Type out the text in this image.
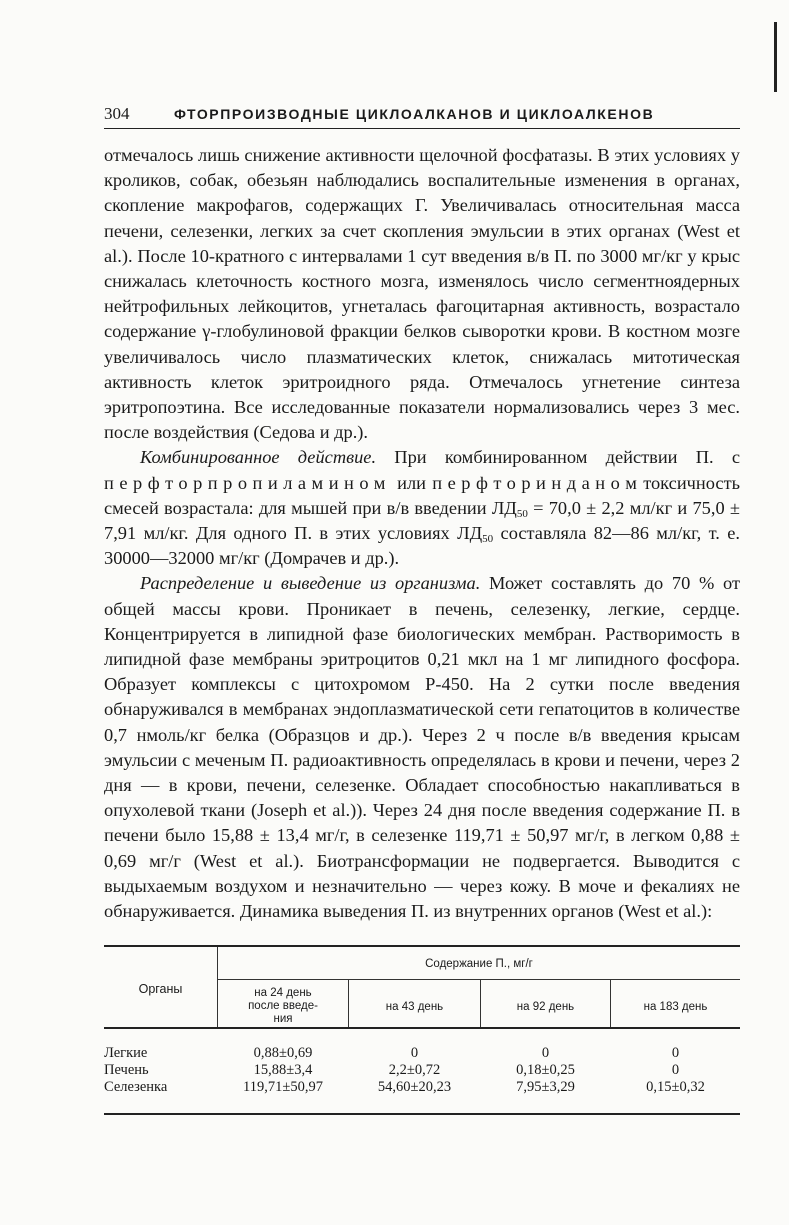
304	ФТОРПРОИЗВОДНЫЕ ЦИКЛОАЛКАНОВ И ЦИКЛОАЛКЕНОВ

отмечалось лишь снижение активности щелочной фосфатазы. В этих условиях у кроликов, собак, обезьян наблюдались воспалительные изменения в органах, скопление макрофагов, содержащих Г. Увеличивалась относительная масса печени, селезенки, легких за счет скопления эмульсии в этих органах (West et al.). После 10-кратного с интервалами 1 сут введения в/в П. по 3000 мг/кг у крыс снижалась клеточность костного мозга, изменялось число сегментноядерных нейтрофильных лейкоцитов, угнеталась фагоцитарная активность, возрастало содержание γ-глобулиновой фракции белков сыворотки крови. В костном мозге увеличивалось число плазматических клеток, снижалась митотическая активность клеток эритроидного ряда. Отмечалось угнетение синтеза эритропоэтина. Все исследованные показатели нормализовались через 3 мес. после воздействия (Седова и др.).

Комбинированное действие. При комбинированном действии П. с перфторпропиламином или перфторинданом токсичность смесей возрастала: для мышей при в/в введении $ЛД_{50} = 70,0 \pm 2,2$ мл/кг и 75,0 ± 7,91 мл/кг. Для одного П. в этих условиях $ЛД_{50}$ составляла 82—86 мл/кг, т. е. 30000—32000 мг/кг (Домрачев и др.).

Распределение и выведение из организма. Может составлять до 70 % от общей массы крови. Проникает в печень, селезенку, легкие, сердце. Концентрируется в липидной фазе биологических мембран. Растворимость в липидной фазе мембраны эритроцитов 0,21 мкл на 1 мг липидного фосфора. Образует комплексы с цитохромом Р-450. На 2 сутки после введения обнаруживался в мембранах эндоплазматической сети гепатоцитов в количестве 0,7 нмоль/кг белка (Образцов и др.). Через 2 ч после в/в введения крысам эмульсии с меченым П. радиоактивность определялась в крови и печени, через 2 дня — в крови, печени, селезенке. Обладает способностью накапливаться в опухолевой ткани (Joseph et al.)). Через 24 дня после введения содержание П. в печени было 15,88 ± 13,4 мг/г, в селезенке 119,71 ± 50,97 мг/г, в легком 0,88 ± 0,69 мг/г (West et al.). Биотрансформации не подвергается. Выводится с выдыхаемым воздухом и незначительно — через кожу. В моче и фекалиях не обнаруживается. Динамика выведения П. из внутренних органов (West et al.):

Органы
Содержание П., мг/г
на 24 день
после введе-
ния
на 43 день	на 92 день	на 183 день
Легкие	0,88±0,69	0	0	0
Печень	15,88±3,4	2,2±0,72	0,18±0,25	0
Селезенка	119,71±50,97	54,60±20,23	7,95±3,29	0,15±0,32
